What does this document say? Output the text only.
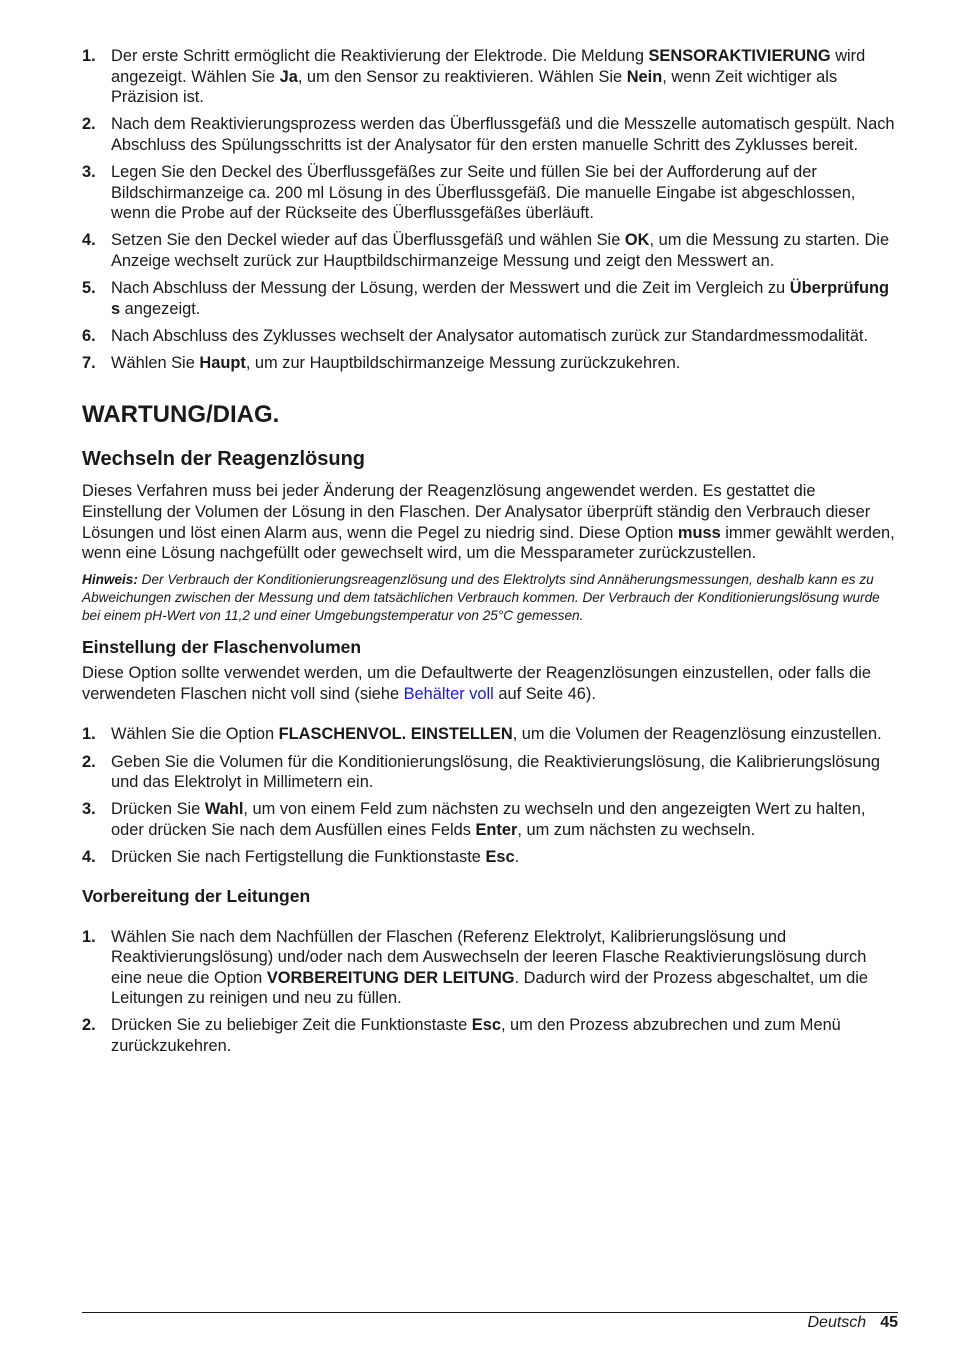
1. Der erste Schritt ermöglicht die Reaktivierung der Elektrode. Die Meldung SENSORAKTIVIERUNG wird angezeigt. Wählen Sie Ja, um den Sensor zu reaktivieren. Wählen Sie Nein, wenn Zeit wichtiger als Präzision ist.
2. Nach dem Reaktivierungsprozess werden das Überflussgefäß und die Messzelle automatisch gespült. Nach Abschluss des Spülungsschritts ist der Analysator für den ersten manuelle Schritt des Zyklusses bereit.
3. Legen Sie den Deckel des Überflussgefäßes zur Seite und füllen Sie bei der Aufforderung auf der Bildschirmanzeige ca. 200 ml Lösung in des Überflussgefäß. Die manuelle Eingabe ist abgeschlossen, wenn die Probe auf der Rückseite des Überflussgefäßes überläuft.
4. Setzen Sie den Deckel wieder auf das Überflussgefäß und wählen Sie OK, um die Messung zu starten. Die Anzeige wechselt zurück zur Hauptbildschirmanzeige Messung und zeigt den Messwert an.
5. Nach Abschluss der Messung der Lösung, werden der Messwert und die Zeit im Vergleich zu Überprüfung s angezeigt.
6. Nach Abschluss des Zyklusses wechselt der Analysator automatisch zurück zur Standardmessmodalität.
7. Wählen Sie Haupt, um zur Hauptbildschirmanzeige Messung zurückzukehren.
WARTUNG/DIAG.
Wechseln der Reagenzlösung

Dieses Verfahren muss bei jeder Änderung der Reagenzlösung angewendet werden. Es gestattet die Einstellung der Volumen der Lösung in den Flaschen. Der Analysator überprüft ständig den Verbrauch dieser Lösungen und löst einen Alarm aus, wenn die Pegel zu niedrig sind. Diese Option muss immer gewählt werden, wenn eine Lösung nachgefüllt oder gewechselt wird, um die Messparameter zurückzustellen.

Hinweis: Der Verbrauch der Konditionierungsreagenzlösung und des Elektrolyts sind Annäherungsmessungen, deshalb kann es zu Abweichungen zwischen der Messung und dem tatsächlichen Verbrauch kommen. Der Verbrauch der Konditionierungslösung wurde bei einem pH-Wert von 11,2 und einer Umgebungstemperatur von 25°C gemessen.

Einstellung der Flaschenvolumen

Diese Option sollte verwendet werden, um die Defaultwerte der Reagenzlösungen einzustellen, oder falls die verwendeten Flaschen nicht voll sind (siehe Behälter voll auf Seite 46).

1. Wählen Sie die Option FLASCHENVOL. EINSTELLEN, um die Volumen der Reagenzlösung einzustellen.
2. Geben Sie die Volumen für die Konditionierungslösung, die Reaktivierungslösung, die Kalibrierungslösung und das Elektrolyt in Millimetern ein.
3. Drücken Sie Wahl, um von einem Feld zum nächsten zu wechseln und den angezeigten Wert zu halten, oder drücken Sie nach dem Ausfüllen eines Felds Enter, um zum nächsten zu wechseln.
4. Drücken Sie nach Fertigstellung die Funktionstaste Esc.
Vorbereitung der Leitungen
1. Wählen Sie nach dem Nachfüllen der Flaschen (Referenz Elektrolyt, Kalibrierungslösung und Reaktivierungslösung) und/oder nach dem Auswechseln der leeren Flasche Reaktivierungslösung durch eine neue die Option VORBEREITUNG DER LEITUNG. Dadurch wird der Prozess abgeschaltet, um die Leitungen zu reinigen und neu zu füllen.
2. Drücken Sie zu beliebiger Zeit die Funktionstaste Esc, um den Prozess abzubrechen und zum Menü zurückzukehren.
Deutsch 45
